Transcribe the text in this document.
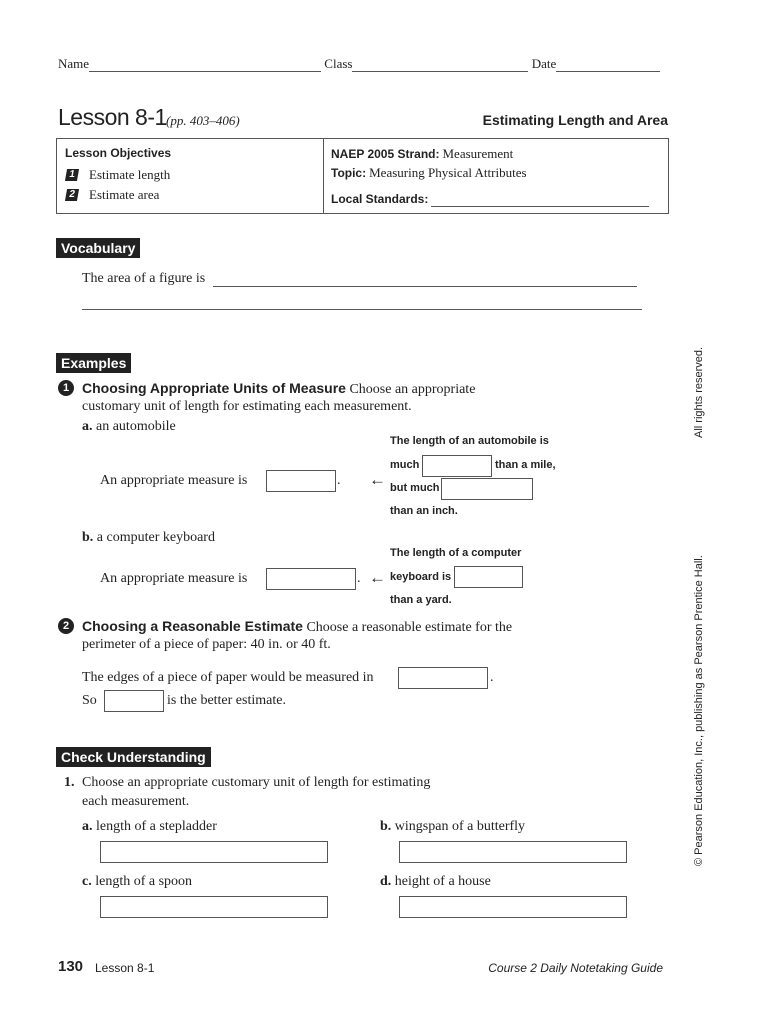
Name	Class	Date
Lesson 8-1 (pp. 403–406)	Estimating Length and Area
Lesson Objectives
1 Estimate length
2 Estimate area
NAEP 2005 Strand: Measurement
Topic: Measuring Physical Attributes
Local Standards:
Vocabulary
The area of a figure is
Examples
1 Choosing Appropriate Units of Measure Choose an appropriate
customary unit of length for estimating each measurement.
a. an automobile
An appropriate measure is	. ←
The length of an automobile is
much	than a mile,
but much
than an inch.
b. a computer keyboard
An appropriate measure is	. ←
The length of a computer
keyboard is
than a yard.
2 Choosing a Reasonable Estimate Choose a reasonable estimate for the
perimeter of a piece of paper: 40 in. or 40 ft.
The edges of a piece of paper would be measured in	.
So	is the better estimate.
Check Understanding
1. Choose an appropriate customary unit of length for estimating
each measurement.
a. length of a stepladder	b. wingspan of a butterfly
c. length of a spoon	d. height of a house
130 Lesson 8-1	Course 2 Daily Notetaking Guide
All rights reserved.
© Pearson Education, Inc., publishing as Pearson Prentice Hall.
